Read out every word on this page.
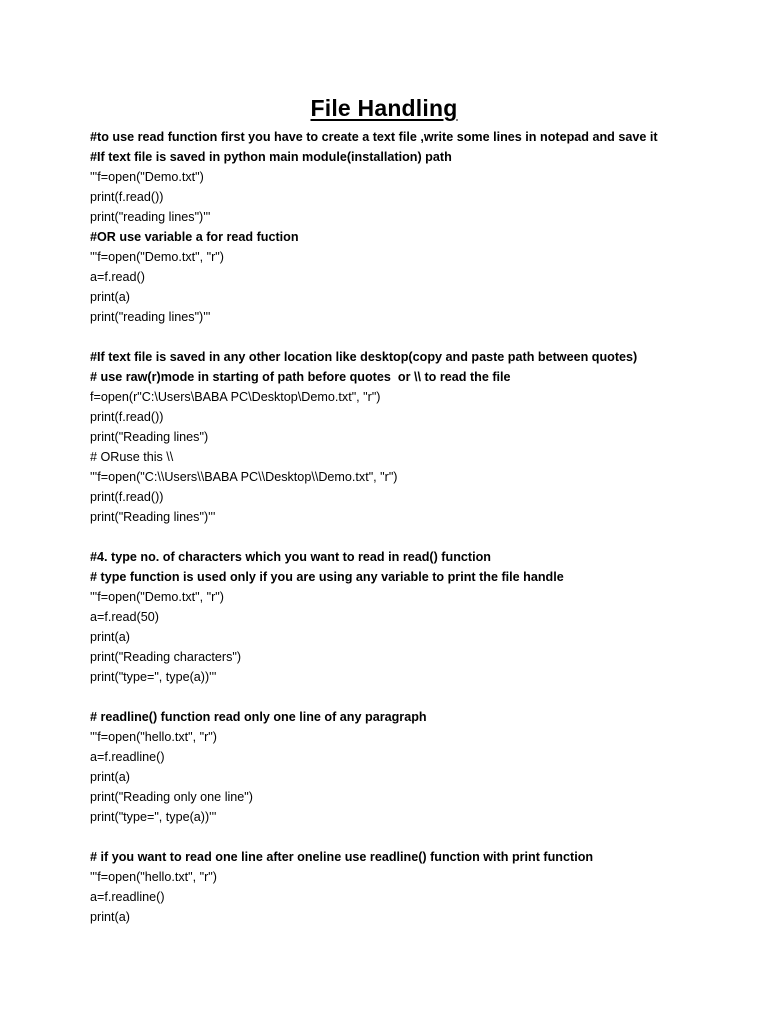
File Handling
#to use read function first you have to create a text file ,write some lines in notepad and save it
#If text file is saved in python main module(installation) path
'''f=open("Demo.txt")
print(f.read())
print("reading lines")'''
#OR use variable a for read fuction
'''f=open("Demo.txt", "r")
a=f.read()
print(a)
print("reading lines")'''
#If text file is saved in any other location like desktop(copy and paste path between quotes)
# use raw(r)mode in starting of path before quotes  or \\ to read the file
f=open(r"C:\Users\BABA PC\Desktop\Demo.txt", "r")
print(f.read())
print("Reading lines")
# ORuse this \\
'''f=open("C:\\Users\\BABA PC\\Desktop\\Demo.txt", "r")
print(f.read())
print("Reading lines")'''
#4. type no. of characters which you want to read in read() function
# type function is used only if you are using any variable to print the file handle
'''f=open("Demo.txt", "r")
a=f.read(50)
print(a)
print("Reading characters")
print("type=", type(a))'''
# readline() function read only one line of any paragraph
'''f=open("hello.txt", "r")
a=f.readline()
print(a)
print("Reading only one line")
print("type=", type(a))'''
# if you want to read one line after oneline use readline() function with print function
'''f=open("hello.txt", "r")
a=f.readline()
print(a)
